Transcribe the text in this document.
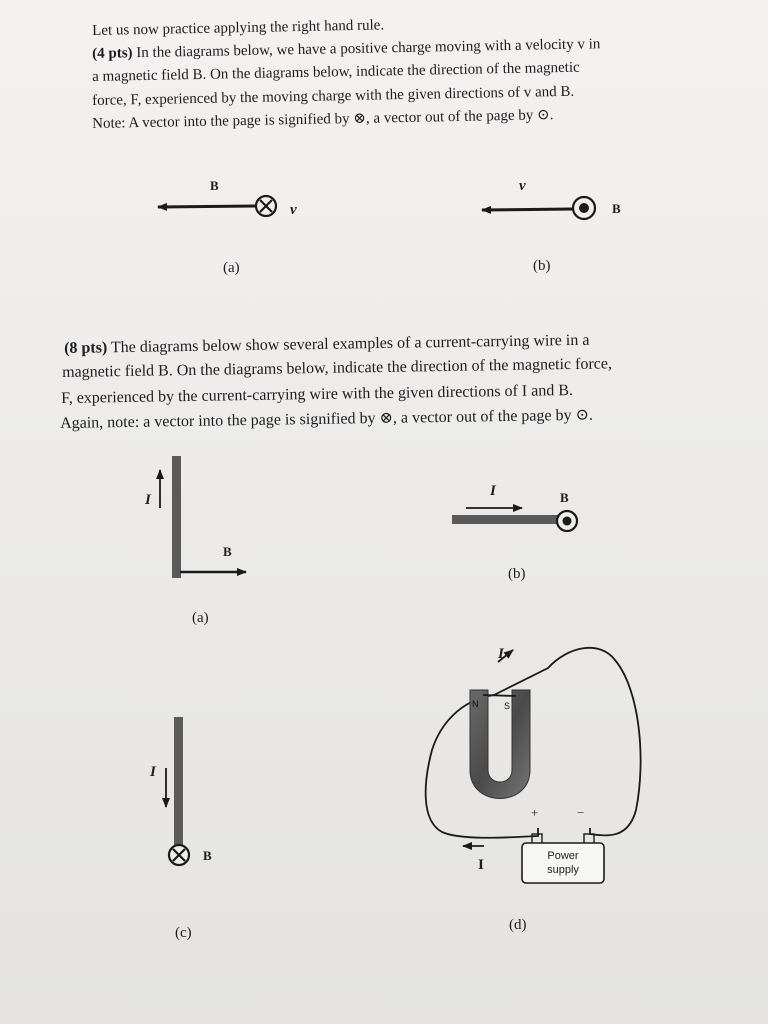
Let us now practice applying the right hand rule.
(4 pts) In the diagrams below, we have a positive charge moving with a velocity v in
a magnetic field B. On the diagrams below, indicate the direction of the magnetic
force, F, experienced by the moving charge with the given directions of v and B.
Note: A vector into the page is signified by ⊗, a vector out of the page by ⊙.
B
v
(a)
v
B
(b)
(8 pts) The diagrams below show several examples of a current-carrying wire in a
magnetic field B. On the diagrams below, indicate the direction of the magnetic force,
F, experienced by the current-carrying wire with the given directions of I and B.
Again, note: a vector into the page is signified by ⊗, a vector out of the page by ⊙.
I
B
(a)
I	B
(b)
I
B
(c)
I
I
+	−
(d)
N	S
Power
supply
